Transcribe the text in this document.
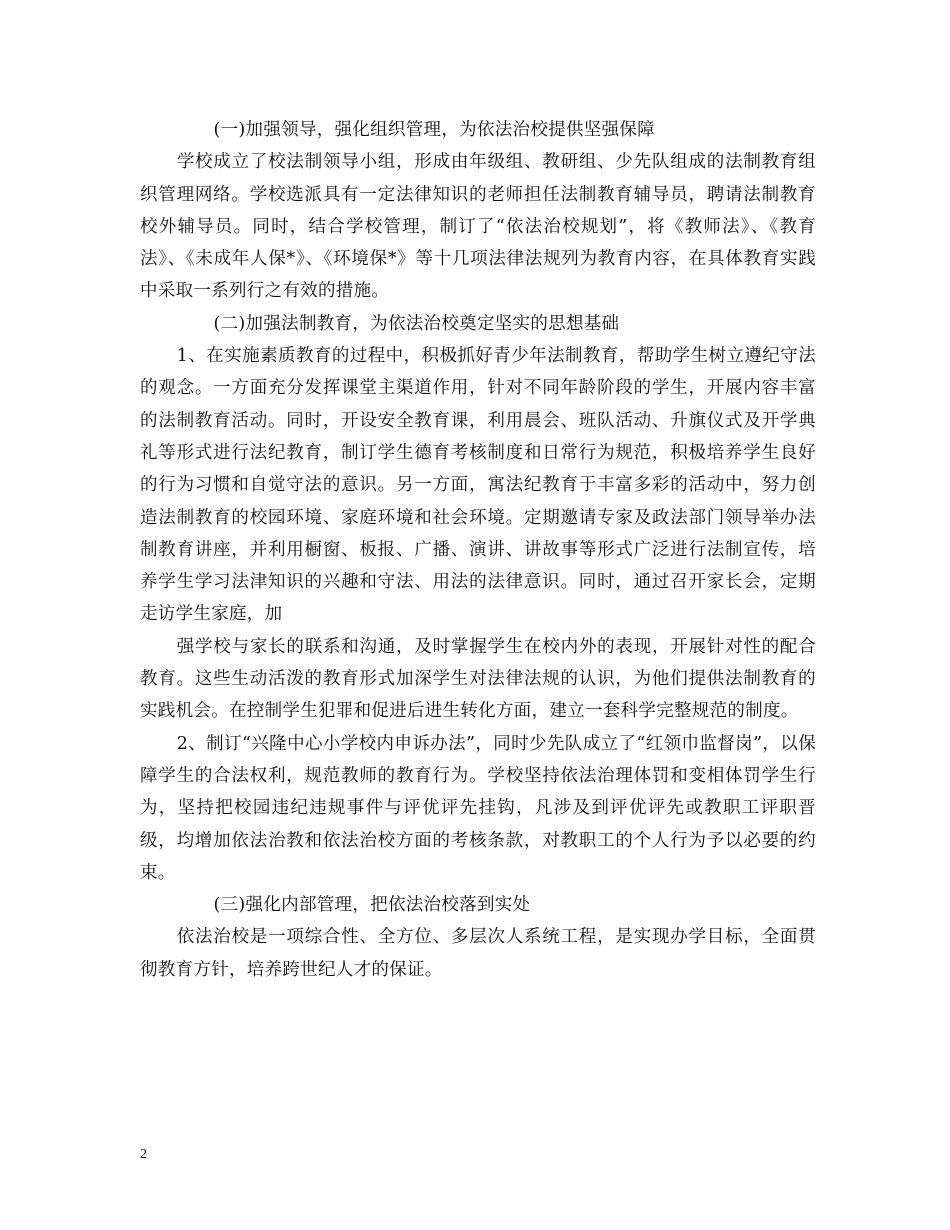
(一)加强领导，强化组织管理，为依法治校提供坚强保障

学校成立了校法制领导小组，形成由年级组、教研组、少先队组成的法制教育组织管理网络。学校选派具有一定法律知识的老师担任法制教育辅导员，聘请法制教育校外辅导员。同时，结合学校管理，制订了“依法治校规划”，将《教师法》、《教育法》、《未成年人保*》、《环境保*》等十几项法律法规列为教育内容，在具体教育实践中采取一系列行之有效的措施。

(二)加强法制教育，为依法治校奠定坚实的思想基础

1、在实施素质教育的过程中，积极抓好青少年法制教育，帮助学生树立遵纪守法的观念。一方面充分发挥课堂主渠道作用，针对不同年龄阶段的学生，开展内容丰富的法制教育活动。同时，开设安全教育课，利用晨会、班队活动、升旗仪式及开学典礼等形式进行法纪教育，制订学生德育考核制度和日常行为规范，积极培养学生良好的行为习惯和自觉守法的意识。另一方面，寓法纪教育于丰富多彩的活动中，努力创造法制教育的校园环境、家庭环境和社会环境。定期邀请专家及政法部门领导举办法制教育讲座，并利用橱窗、板报、广播、演讲、讲故事等形式广泛进行法制宣传，培养学生学习法津知识的兴趣和守法、用法的法律意识。同时，通过召开家长会，定期走访学生家庭，加

强学校与家长的联系和沟通，及时掌握学生在校内外的表现，开展针对性的配合教育。这些生动活泼的教育形式加深学生对法律法规的认识，为他们提供法制教育的实践机会。在控制学生犯罪和促进后进生转化方面，建立一套科学完整规范的制度。

2、制订“兴隆中心小学校内申诉办法”，同时少先队成立了“红领巾监督岗”，以保障学生的合法权利，规范教师的教育行为。学校坚持依法治理体罚和变相体罚学生行为，坚持把校园违纪违规事件与评优评先挂钩，凡涉及到评优评先或教职工评职晋级，均增加依法治教和依法治校方面的考核条款，对教职工的个人行为予以必要的约束。

(三)强化内部管理，把依法治校落到实处

依法治校是一项综合性、全方位、多层次人系统工程，是实现办学目标，全面贯彻教育方针，培养跨世纪人才的保证。

2
